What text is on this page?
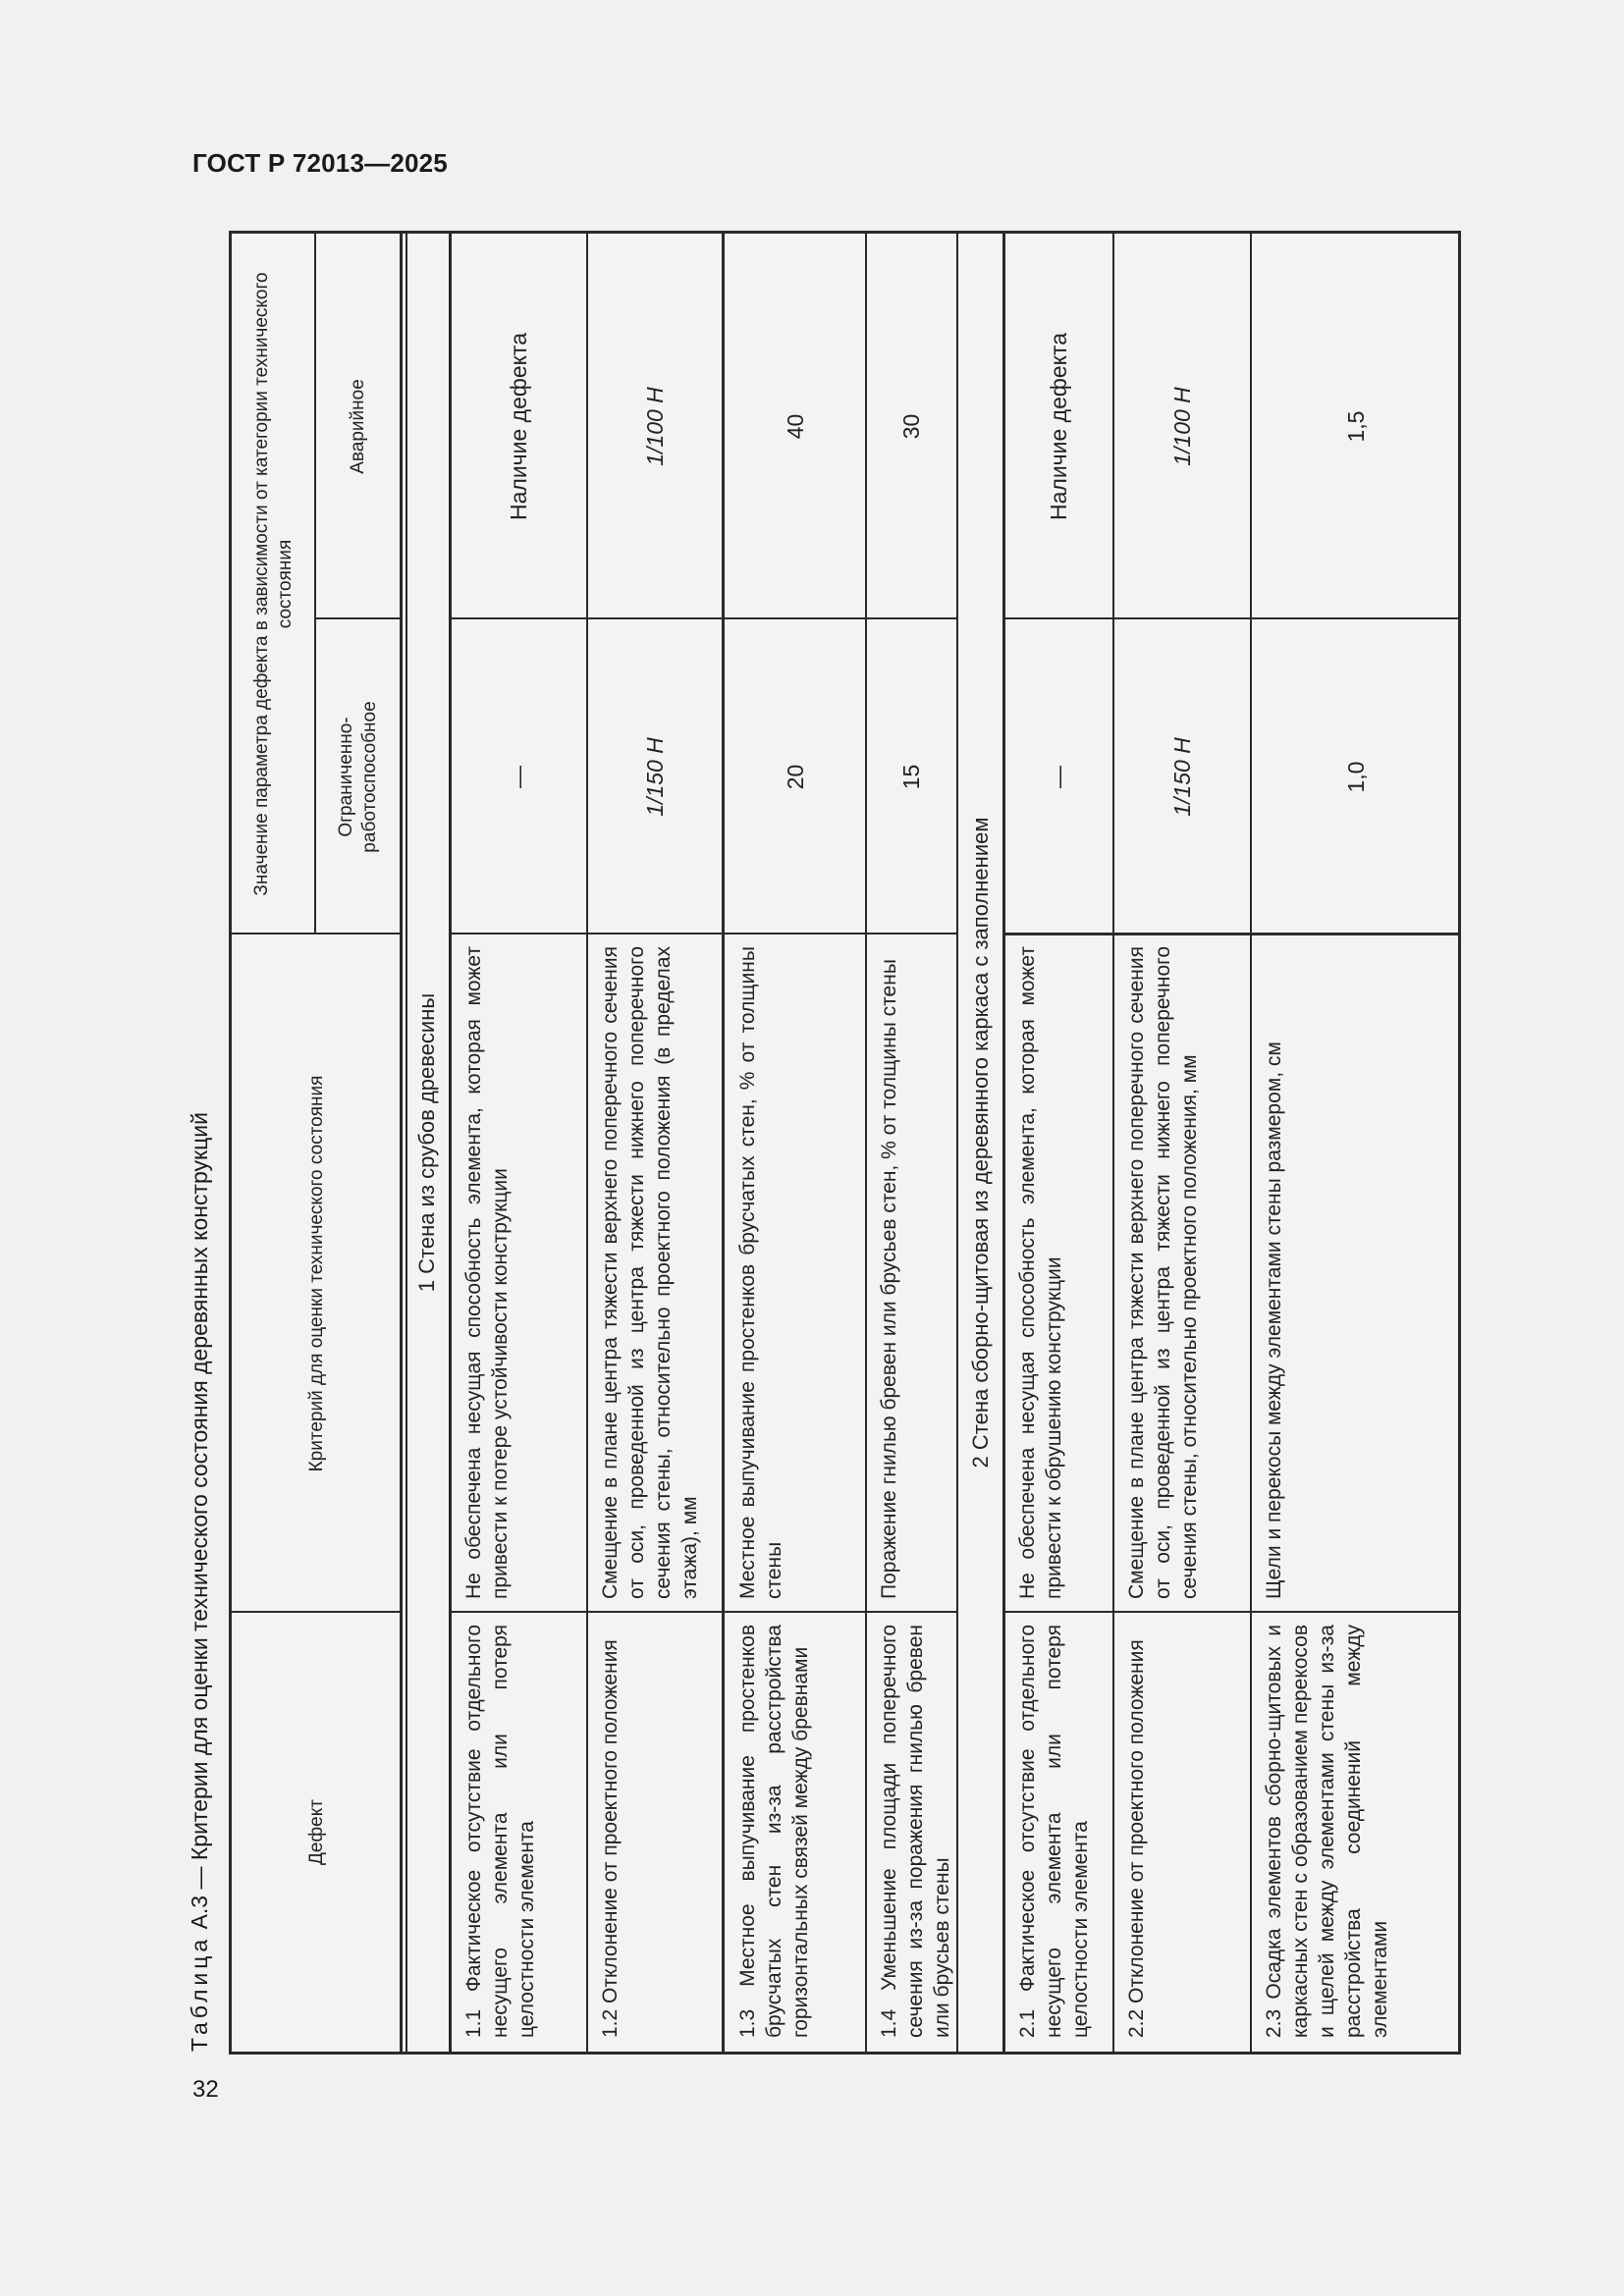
ГОСТ Р 72013—2025
32
Таблица А.3 — Критерии для оценки технического состояния деревянных конструкций	Дефект
Критерий для оценки технического состояния
Значение параметра дефекта в зависимости от категории технического состояния
Ограниченно-работоспособное
Аварийное
1 Стена из срубов древесины
1.1 Фактическое отсутствие отдельного несущего элемента или потеря целостности элемента
Не обеспечена несущая способность элемента, которая может привести к потере устойчивости конструкции
—
Наличие дефекта
1.2 Отклонение от проектного положения
Смещение в плане центра тяжести верхнего поперечного сечения от оси, проведенной из центра тяжести нижнего поперечного сечения стены, относительно проектного положения (в пределах этажа), мм
1/150 H
1/100 H
1.3 Местное выпучивание простенков брусчатых стен из-за расстройства горизонтальных связей между бревнами
Местное выпучивание простенков брусчатых стен, % от толщины стены
20
40
1.4 Уменьшение площади поперечного сечения из-за поражения гнилью бревен или брусьев стены
Поражение гнилью бревен или брусьев стен, % от толщины стены
15
30
2 Стена сборно-щитовая из деревянного каркаса с заполнением
2.1 Фактическое отсутствие отдельного несущего элемента или потеря целостности элемента
Не обеспечена несущая способность элемента, которая может привести к обрушению конструкции
—
Наличие дефекта
2.2 Отклонение от проектного положения
Смещение в плане центра тяжести верхнего поперечного сечения от оси, проведенной из центра тяжести нижнего поперечного сечения стены, относительно проектного положения, мм
1/150 H
1/100 H
2.3 Осадка элементов сборно-щитовых и каркасных стен с образованием перекосов и щелей между элементами стены из-за расстройства соединений между элементами
Щели и перекосы между элементами стены размером, см
1,0
1,5
